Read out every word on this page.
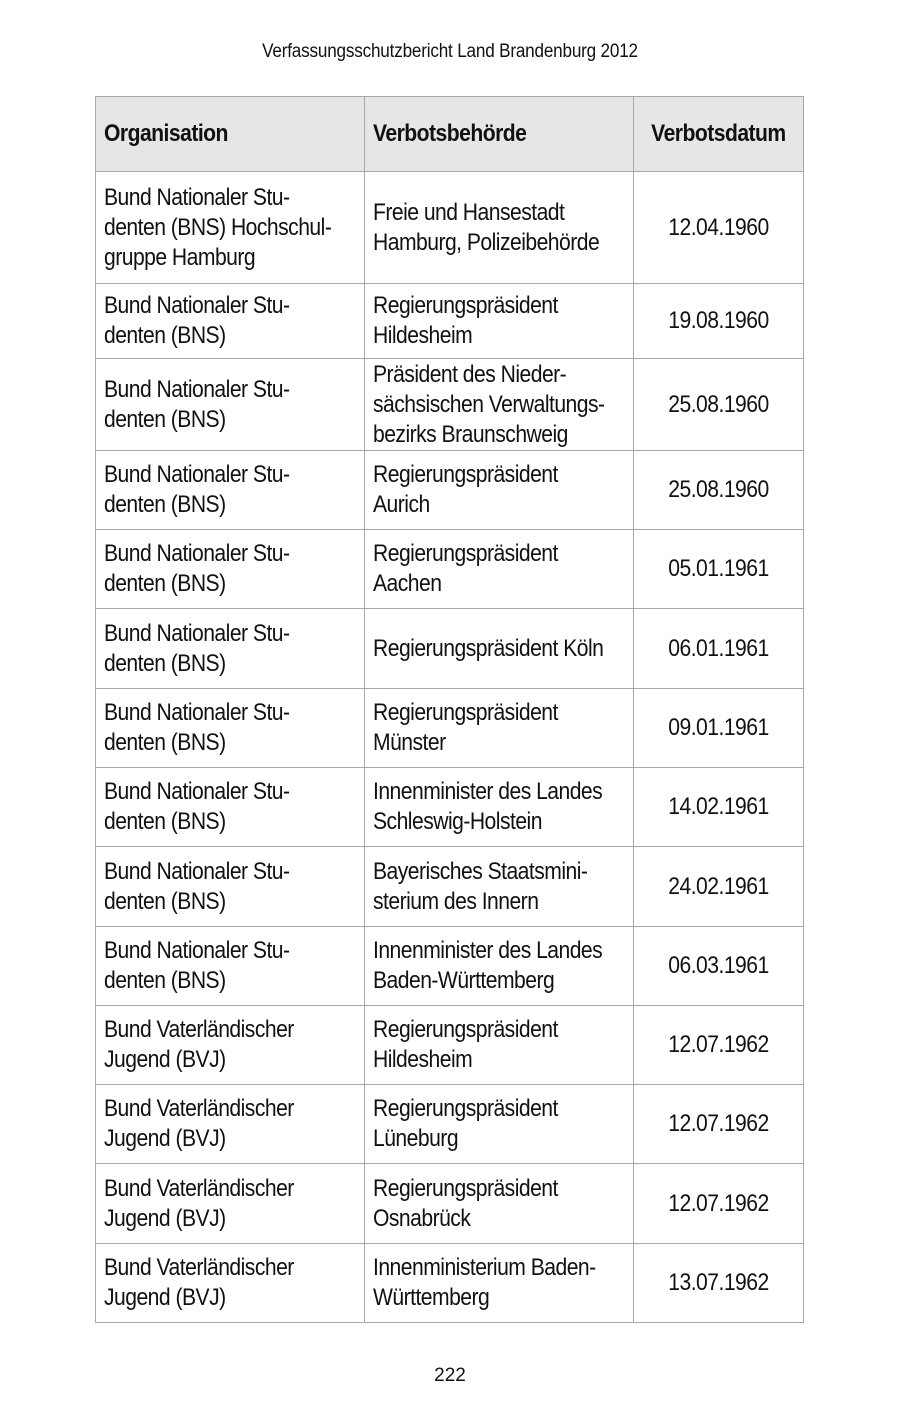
Verfassungsschutzbericht Land Brandenburg 2012
Organisation	Verbotsbehörde	Verbotsdatum

Bund Nationaler Stu-
denten (BNS) Hochschul-
gruppe Hamburg	Freie und Hansestadt
Hamburg, Polizeibehörde	12.04.1960

Bund Nationaler Stu-
denten (BNS)	Regierungspräsident
Hildesheim	19.08.1960

Bund Nationaler Stu-
denten (BNS)	Präsident des Nieder-
sächsischen Verwaltungs-
bezirks Braunschweig	25.08.1960

Bund Nationaler Stu-
denten (BNS)	Regierungspräsident
Aurich	25.08.1960

Bund Nationaler Stu-
denten (BNS)	Regierungspräsident
Aachen	05.01.1961

Bund Nationaler Stu-
denten (BNS)	Regierungspräsident Köln	06.01.1961

Bund Nationaler Stu-
denten (BNS)	Regierungspräsident
Münster	09.01.1961

Bund Nationaler Stu-
denten (BNS)	Innenminister des Landes
Schleswig-Holstein	14.02.1961

Bund Nationaler Stu-
denten (BNS)	Bayerisches Staatsmini-
sterium des Innern	24.02.1961

Bund Nationaler Stu-
denten (BNS)	Innenminister des Landes
Baden-Württemberg	06.03.1961

Bund Vaterländischer
Jugend (BVJ)	Regierungspräsident
Hildesheim	12.07.1962

Bund Vaterländischer
Jugend (BVJ)	Regierungspräsident
Lüneburg	12.07.1962

Bund Vaterländischer
Jugend (BVJ)	Regierungspräsident
Osnabrück	12.07.1962

Bund Vaterländischer
Jugend (BVJ)	Innenministerium Baden-
Württemberg	13.07.1962
222
